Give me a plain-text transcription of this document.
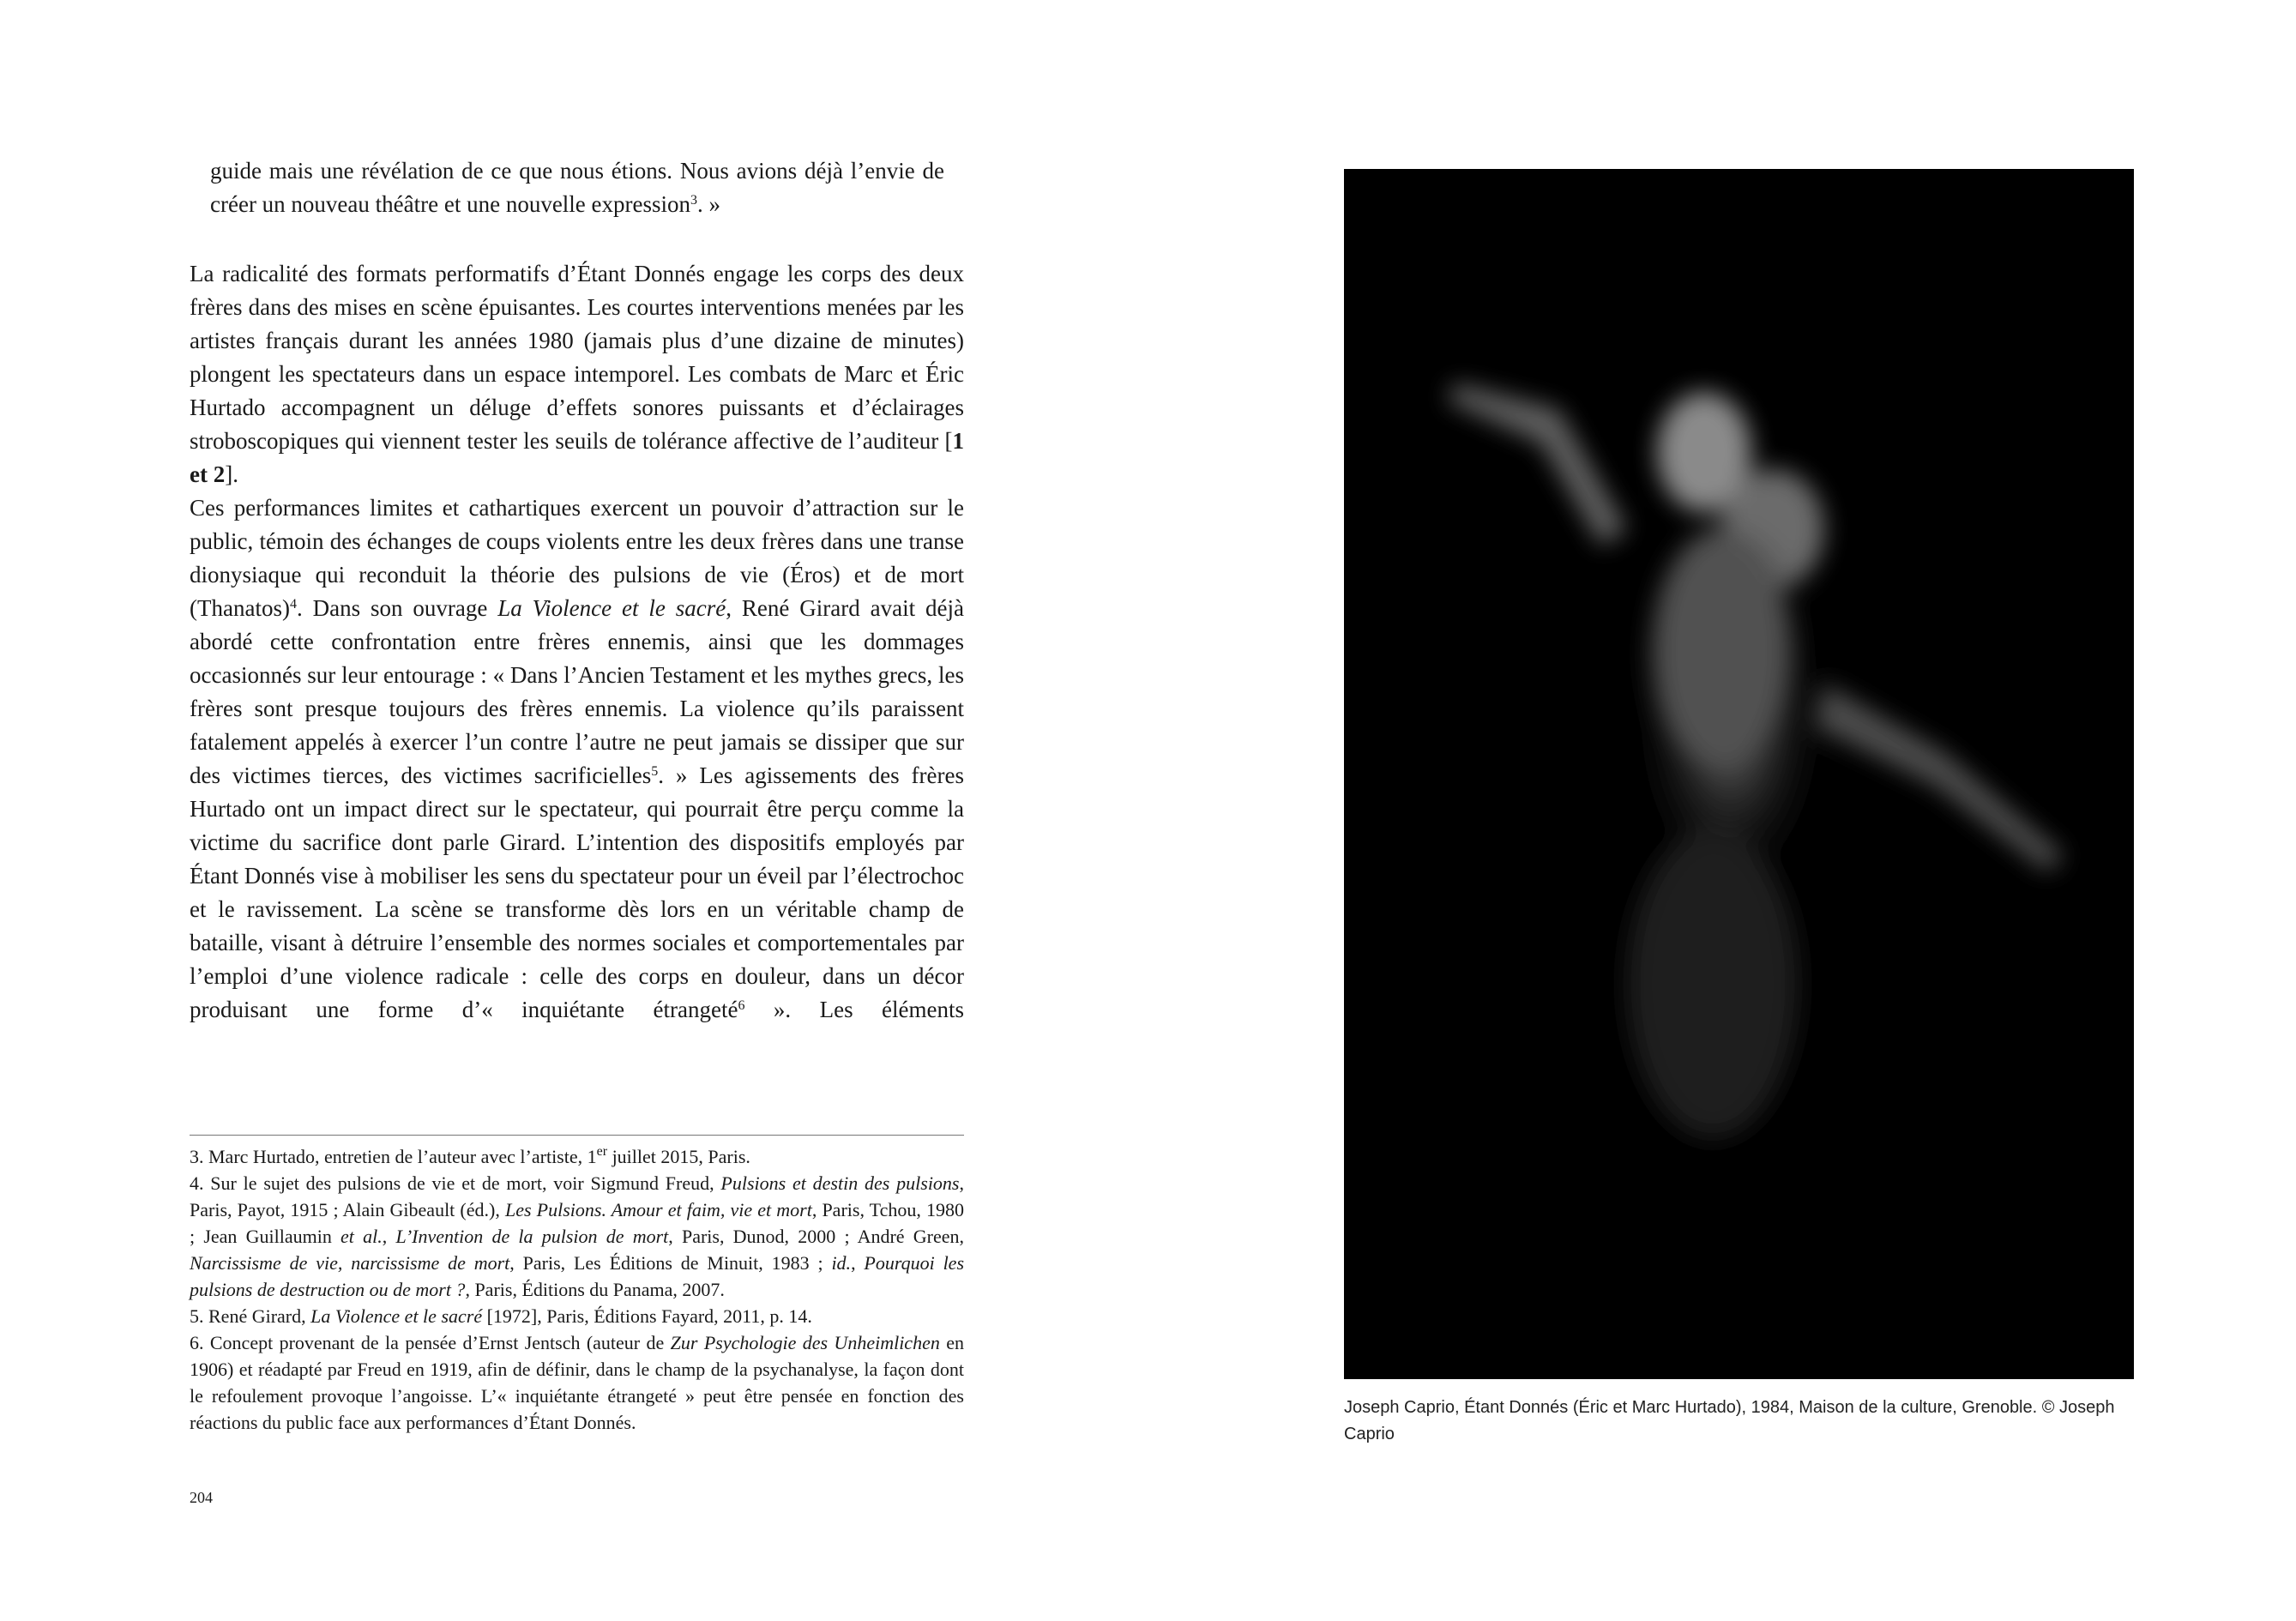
guide mais une révélation de ce que nous étions. Nous avions déjà l’envie de créer un nouveau théâtre et une nouvelle expression$^3$. »

La radicalité des formats performatifs d’Étant Donnés engage les corps des deux frères dans des mises en scène épuisantes. Les courtes interventions menées par les artistes français durant les années 1980 (jamais plus d’une dizaine de minutes) plongent les spectateurs dans un espace intemporel. Les combats de Marc et Éric Hurtado accompagnent un déluge d’effets sonores puissants et d’éclairages stroboscopiques qui viennent tester les seuils de tolérance affective de l’auditeur [1 et 2].

Ces performances limites et cathartiques exercent un pouvoir d’attraction sur le public, témoin des échanges de coups violents entre les deux frères dans une transe dionysiaque qui reconduit la théorie des pulsions de vie (Éros) et de mort (Thanatos)$^4$. Dans son ouvrage La Violence et le sacré, René Girard avait déjà abordé cette confrontation entre frères ennemis, ainsi que les dommages occasionnés sur leur entourage : « Dans l’Ancien Testament et les mythes grecs, les frères sont presque toujours des frères ennemis. La violence qu’ils paraissent fatalement appelés à exercer l’un contre l’autre ne peut jamais se dissiper que sur des victimes tierces, des victimes sacrificielles$^5$. » Les agissements des frères Hurtado ont un impact direct sur le spectateur, qui pourrait être perçu comme la victime du sacrifice dont parle Girard. L’intention des dispositifs employés par Étant Donnés vise à mobiliser les sens du spectateur pour un éveil par l’électrochoc et le ravissement. La scène se transforme dès lors en un véritable champ de bataille, visant à détruire l’ensemble des normes sociales et comportementales par l’emploi d’une violence radicale : celle des corps en douleur, dans un décor produisant une forme d’« inquiétante étrangeté$^6$ ». Les éléments

3. Marc Hurtado, entretien de l’auteur avec l’artiste, 1er juillet 2015, Paris.

4. Sur le sujet des pulsions de vie et de mort, voir Sigmund Freud, Pulsions et destin des pulsions, Paris, Payot, 1915 ; Alain Gibeault (éd.), Les Pulsions. Amour et faim, vie et mort, Paris, Tchou, 1980 ; Jean Guillaumin et al., L’Invention de la pulsion de mort, Paris, Dunod, 2000 ; André Green, Narcissisme de vie, narcissisme de mort, Paris, Les Éditions de Minuit, 1983 ; id., Pourquoi les pulsions de destruction ou de mort ?, Paris, Éditions du Panama, 2007.

5. René Girard, La Violence et le sacré [1972], Paris, Éditions Fayard, 2011, p. 14.

6. Concept provenant de la pensée d’Ernst Jentsch (auteur de Zur Psychologie des Unheimlichen en 1906) et réadapté par Freud en 1919, afin de définir, dans le champ de la psychanalyse, la façon dont le refoulement provoque l’angoisse. L’« inquiétante étrangeté » peut être pensée en fonction des réactions du public face aux performances d’Étant Donnés.

204
Joseph Caprio, Étant Donnés (Éric et Marc Hurtado), 1984, Maison de la culture, Grenoble. © Joseph Caprio
